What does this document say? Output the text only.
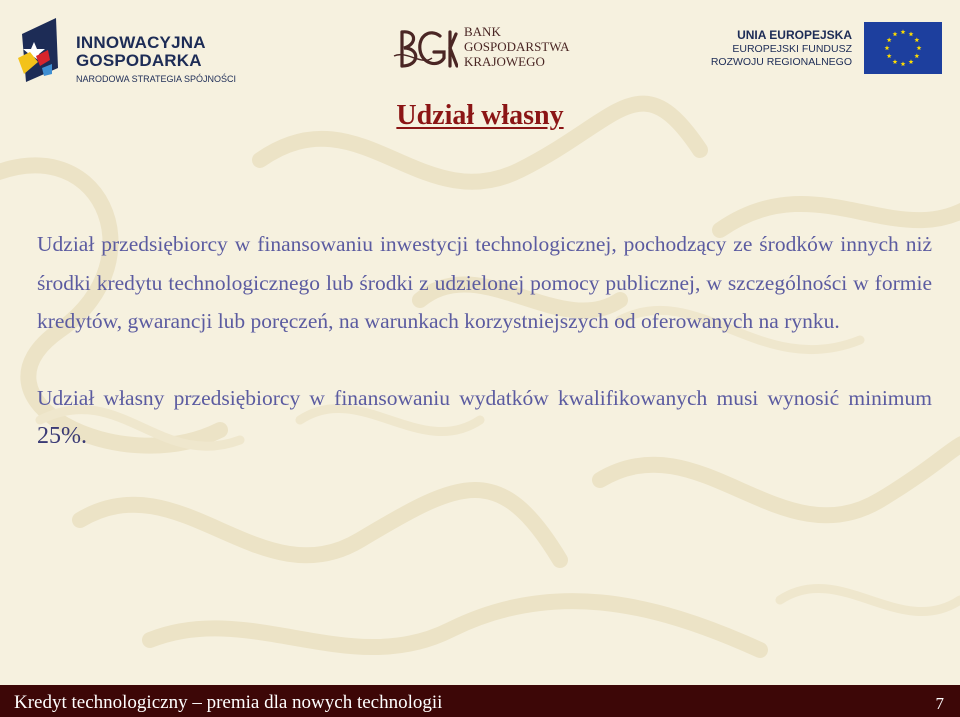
INNOWACYJNA
GOSPODARKA
NARODOWA STRATEGIA SPÓJNOŚCI
BANK
GOSPODARSTWA
KRAJOWEGO
UNIA EUROPEJSKA
EUROPEJSKI FUNDUSZ
ROZWOJU REGIONALNEGO
Udział własny

Udział przedsiębiorcy w finansowaniu inwestycji technologicznej, pochodzący ze środków innych niż środki kredytu technologicznego lub środki z udzielonej pomocy publicznej, w szczególności w formie kredytów, gwarancji lub poręczeń, na warunkach korzystniejszych od oferowanych na rynku.

Udział własny przedsiębiorcy w finansowaniu wydatków kwalifikowanych musi wynosić minimum 25%.

Kredyt technologiczny – premia dla nowych technologii	7
